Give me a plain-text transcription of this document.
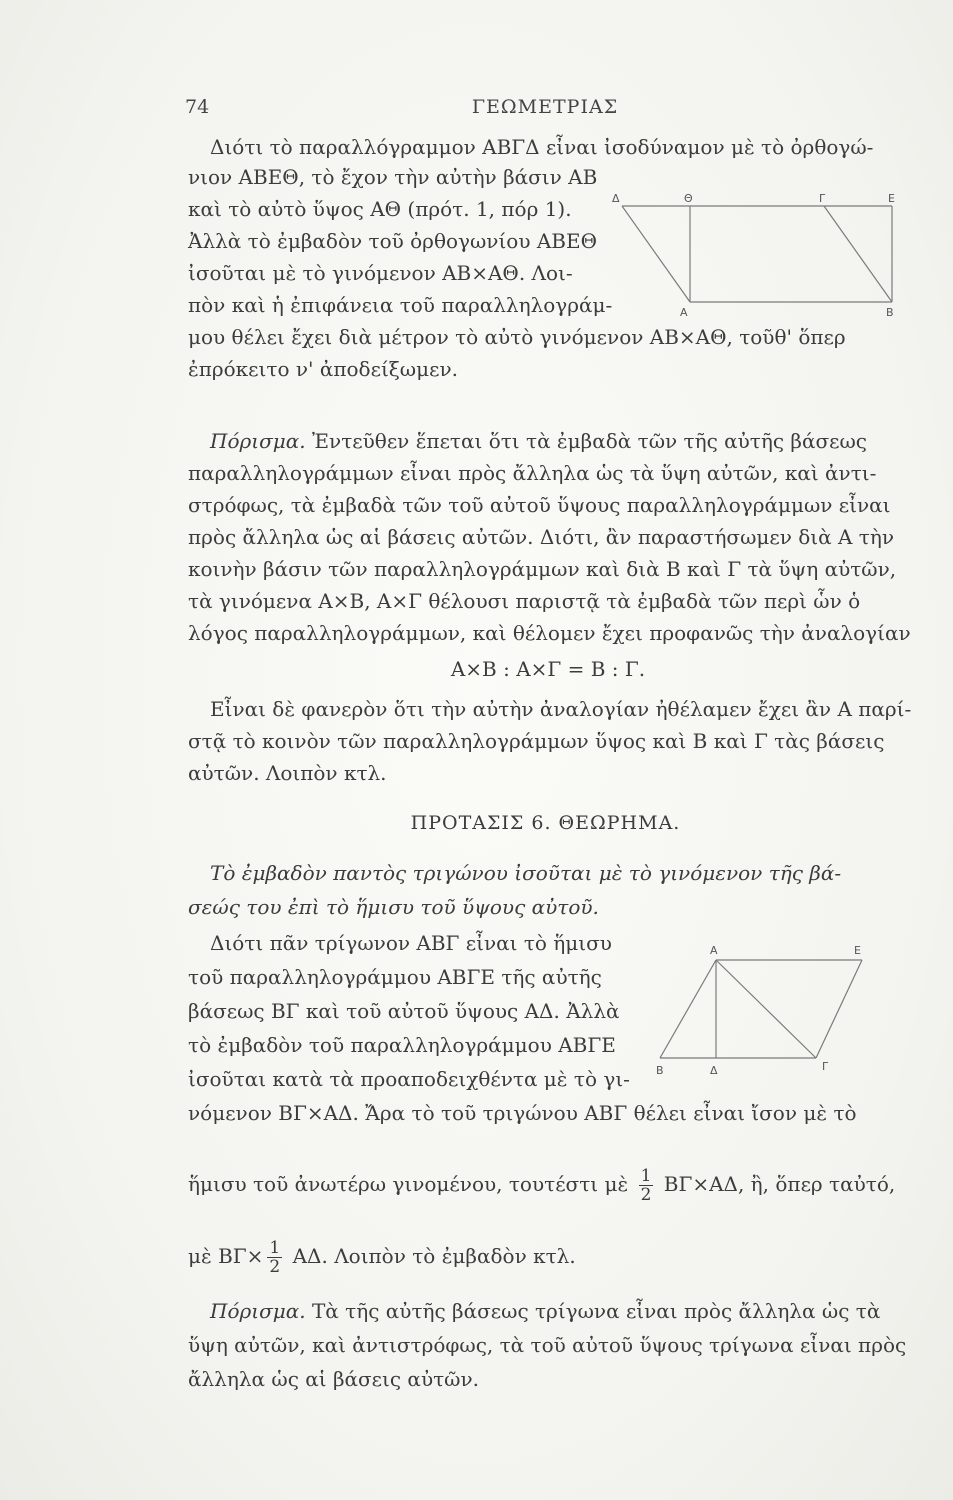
74	ΓΕΩΜΕΤΡΙΑΣ
Διότι τὸ παραλλόγραμμον ΑΒΓΔ εἶναι ἰσοδύναμον μὲ τὸ ὀρθογώ-
νιον ΑΒΕΘ, τὸ ἔχον τὴν αὐτὴν βάσιν ΑΒ
καὶ τὸ αὐτὸ ὕψος ΑΘ (πρότ. 1, πόρ 1).
Ἀλλὰ τὸ ἐμβαδὸν τοῦ ὀρθογωνίου ΑΒΕΘ
ἰσοῦται μὲ τὸ γινόμενον ΑΒ×ΑΘ. Λοι-
πὸν καὶ ἡ ἐπιφάνεια τοῦ παραλληλογράμ-
μου θέλει ἔχει διὰ μέτρον τὸ αὐτὸ γινόμενον ΑΒ×ΑΘ, τοῦθ' ὅπερ
ἐπρόκειτο ν' ἀποδείξωμεν.
Δ	Θ	Γ	Ε
Α	Β
Πόρισμα. Ἐντεῦθεν ἕπεται ὅτι τὰ ἐμβαδὰ τῶν τῆς αὐτῆς βάσεως
παραλληλογράμμων εἶναι πρὸς ἄλληλα ὡς τὰ ὕψη αὐτῶν, καὶ ἀντι-
στρόφως, τὰ ἐμβαδὰ τῶν τοῦ αὐτοῦ ὕψους παραλληλογράμμων εἶναι
πρὸς ἄλληλα ὡς αἱ βάσεις αὐτῶν. Διότι, ἂν παραστήσωμεν διὰ Α τὴν
κοινὴν βάσιν τῶν παραλληλογράμμων καὶ διὰ Β καὶ Γ τὰ ὕψη αὐτῶν,
τὰ γινόμενα Α×Β, Α×Γ θέλουσι παριστᾷ τὰ ἐμβαδὰ τῶν περὶ ὧν ὁ
λόγος παραλληλογράμμων, καὶ θέλομεν ἔχει προφανῶς τὴν ἀναλογίαν
Α×Β : Α×Γ = Β : Γ.
Εἶναι δὲ φανερὸν ὅτι τὴν αὐτὴν ἀναλογίαν ἠθέλαμεν ἔχει ἂν Α παρί-
στᾷ τὸ κοινὸν τῶν παραλληλογράμμων ὕψος καὶ Β καὶ Γ τὰς βάσεις
αὐτῶν. Λοιπὸν κτλ.
ΠΡΟΤΑΣΙΣ 6. ΘΕΩΡΗΜΑ.
Τὸ ἐμβαδὸν παντὸς τριγώνου ἰσοῦται μὲ τὸ γινόμενον τῆς βά-
σεώς του ἐπὶ τὸ ἥμισυ τοῦ ὕψους αὐτοῦ.
Διότι πᾶν τρίγωνον ΑΒΓ εἶναι τὸ ἥμισυ
τοῦ παραλληλογράμμου ΑΒΓΕ τῆς αὐτῆς
βάσεως ΒΓ καὶ τοῦ αὐτοῦ ὕψους ΑΔ. Ἀλλὰ
τὸ ἐμβαδὸν τοῦ παραλληλογράμμου ΑΒΓΕ
ἰσοῦται κατὰ τὰ προαποδειχθέντα μὲ τὸ γι-
νόμενον ΒΓ×ΑΔ. Ἄρα τὸ τοῦ τριγώνου ΑΒΓ θέλει εἶναι ἴσον μὲ τὸ
Α	Ε
Β	Δ	Γ
ἥμισυ τοῦ ἀνωτέρω γινομένου, τουτέστι μὲ $\frac{1}{2} B\Gamma\times A\Delta$, ἢ, ὅπερ ταὐτό,
μὲ $B\Gamma\times \frac{1}{2} A\Delta$. Λοιπὸν τὸ ἐμβαδὸν κτλ.
Πόρισμα. Τὰ τῆς αὐτῆς βάσεως τρίγωνα εἶναι πρὸς ἄλληλα ὡς τὰ
ὕψη αὐτῶν, καὶ ἀντιστρόφως, τὰ τοῦ αὐτοῦ ὕψους τρίγωνα εἶναι πρὸς
ἄλληλα ὡς αἱ βάσεις αὐτῶν.
